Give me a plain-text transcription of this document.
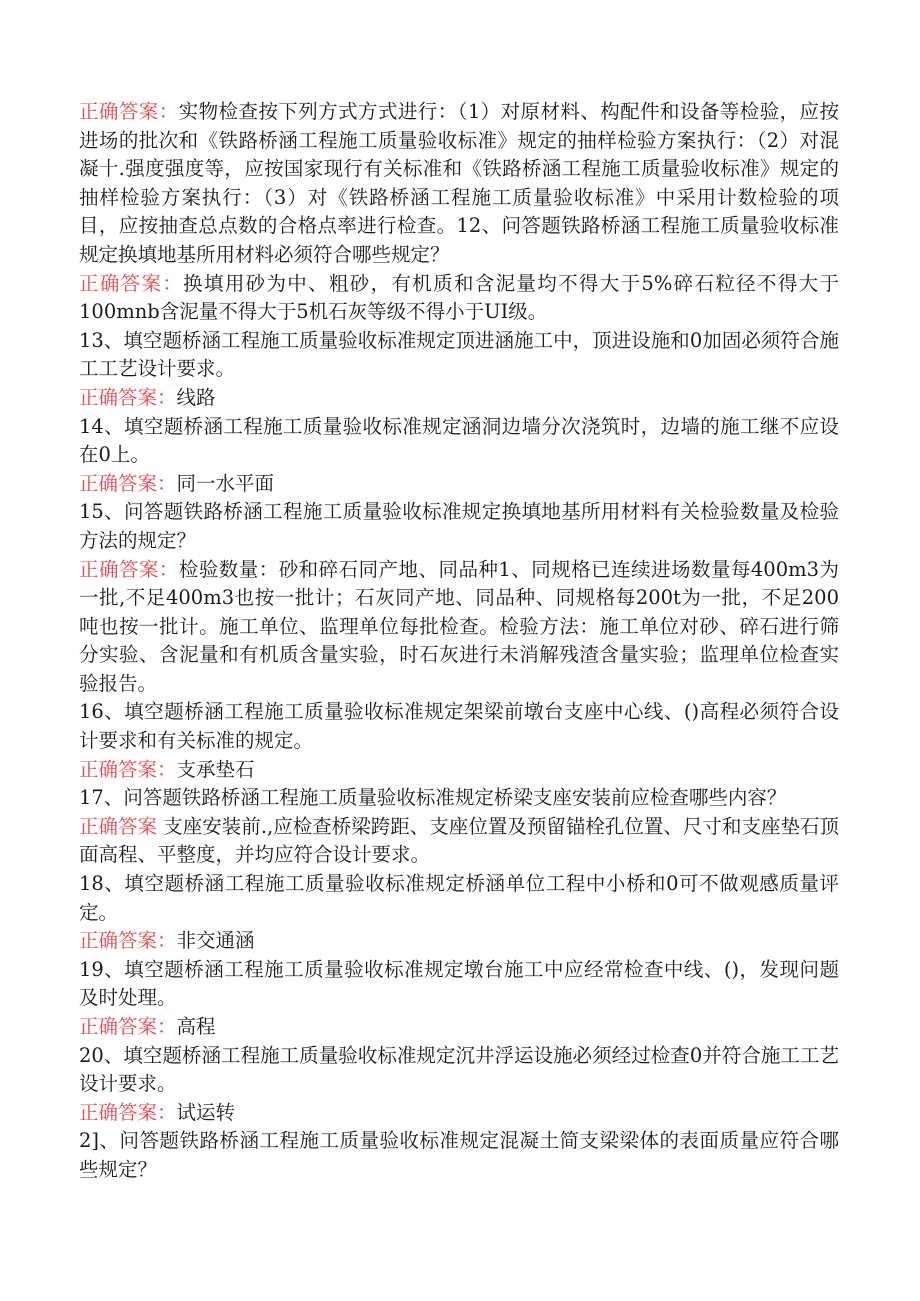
正确答案：实物检查按下列方式方式进行：（1）对原材料、构配件和设备等检验，应按进场的批次和《铁路桥涵工程施工质量验收标准》规定的抽样检验方案执行：（2）对混凝十.强度强度等，应按国家现行有关标准和《铁路桥涵工程施工质量验收标准》规定的抽样检验方案执行：（3）对《铁路桥涵工程施工质量验收标准》中采用计数检验的项目，应按抽查总点数的合格点率进行检查。12、问答题铁路桥涵工程施工质量验收标准规定换填地基所用材料必须符合哪些规定？

正确答案：换填用砂为中、粗砂，有机质和含泥量均不得大于5%碎石粒径不得大于100mnb含泥量不得大于5机石灰等级不得小于UI级。

13、填空题桥涵工程施工质量验收标准规定顶进涵施工中，顶进设施和0加固必须符合施工工艺设计要求。

正确答案：线路

14、填空题桥涵工程施工质量验收标准规定涵洞边墙分次浇筑时，边墙的施工继不应设在0上。

正确答案：同一水平面

15、问答题铁路桥涵工程施工质量验收标准规定换填地基所用材料有关检验数量及检验方法的规定？

正确答案：检验数量：砂和碎石同产地、同品种1、同规格已连续进场数量每400m3为一批,不足400m3也按一批计；石灰同产地、同品种、同规格每200t为一批，不足200吨也按一批计。施工单位、监理单位每批检查。检验方法：施工单位对砂、碎石进行筛分实验、含泥量和有机质含量实验，时石灰进行未消解残渣含量实验；监理单位检查实验报告。

16、填空题桥涵工程施工质量验收标准规定架梁前墩台支座中心线、()高程必须符合设计要求和有关标准的规定。

正确答案：支承垫石

17、问答题铁路桥涵工程施工质量验收标准规定桥梁支座安装前应检查哪些内容？

正确答案 支座安装前.,应检查桥梁跨距、支座位置及预留锚栓孔位置、尺寸和支座垫石顶面高程、平整度，并均应符合设计要求。

18、填空题桥涵工程施工质量验收标准规定桥涵单位工程中小桥和0可不做观感质量评定。

正确答案：非交通涵

19、填空题桥涵工程施工质量验收标准规定墩台施工中应经常检查中线、()，发现问题及时处理。

正确答案：高程

20、填空题桥涵工程施工质量验收标准规定沉井浮运设施必须经过检查0并符合施工工艺设计要求。

正确答案：试运转

2]、问答题铁路桥涵工程施工质量验收标准规定混凝土简支梁梁体的表面质量应符合哪些规定？
